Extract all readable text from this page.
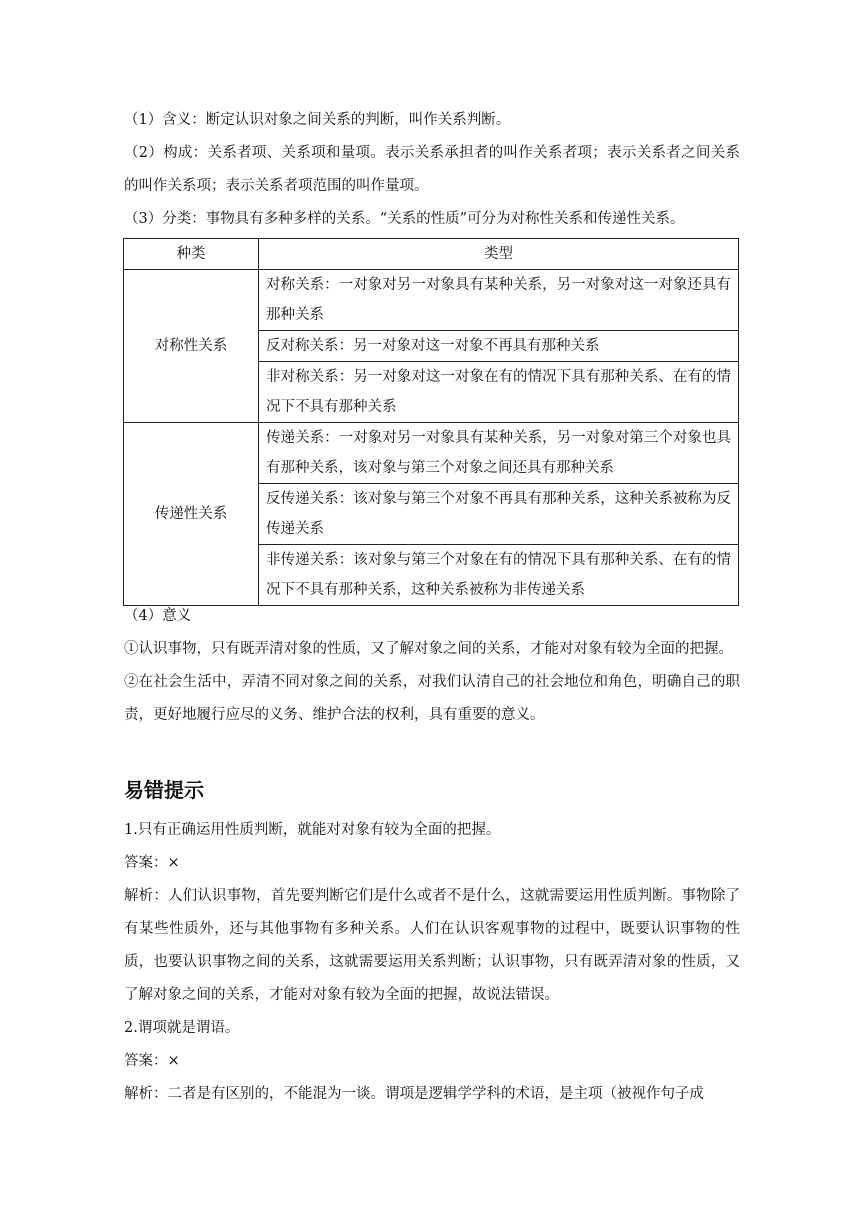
（1）含义：断定认识对象之间关系的判断，叫作关系判断。

（2）构成：关系者项、关系项和量项。表示关系承担者的叫作关系者项；表示关系者之间关系的叫作关系项；表示关系者项范围的叫作量项。

（3）分类：事物具有多种多样的关系。“关系的性质”可分为对称性关系和传递性关系。

种类	类型
对称性关系	对称关系：一对象对另一对象具有某种关系，另一对象对这一对象还具有那种关系
	反对称关系：另一对象对这一对象不再具有那种关系
	非对称关系：另一对象对这一对象在有的情况下具有那种关系、在有的情况下不具有那种关系
传递性关系	传递关系：一对象对另一对象具有某种关系，另一对象对第三个对象也具有那种关系，该对象与第三个对象之间还具有那种关系
	反传递关系：该对象与第三个对象不再具有那种关系，这种关系被称为反传递关系
	非传递关系：该对象与第三个对象在有的情况下具有那种关系、在有的情况下不具有那种关系，这种关系被称为非传递关系

（4）意义

①认识事物，只有既弄清对象的性质，又了解对象之间的关系，才能对对象有较为全面的把握。

②在社会生活中，弄清不同对象之间的关系，对我们认清自己的社会地位和角色，明确自己的职责，更好地履行应尽的义务、维护合法的权利，具有重要的意义。

易错提示

1.只有正确运用性质判断，就能对对象有较为全面的把握。

答案：×

解析：人们认识事物，首先要判断它们是什么或者不是什么，这就需要运用性质判断。事物除了有某些性质外，还与其他事物有多种关系。人们在认识客观事物的过程中，既要认识事物的性质，也要认识事物之间的关系，这就需要运用关系判断；认识事物，只有既弄清对象的性质，又了解对象之间的关系，才能对对象有较为全面的把握，故说法错误。

2.谓项就是谓语。

答案：×

解析：二者是有区别的，不能混为一谈。谓项是逻辑学学科的术语，是主项（被视作句子成
